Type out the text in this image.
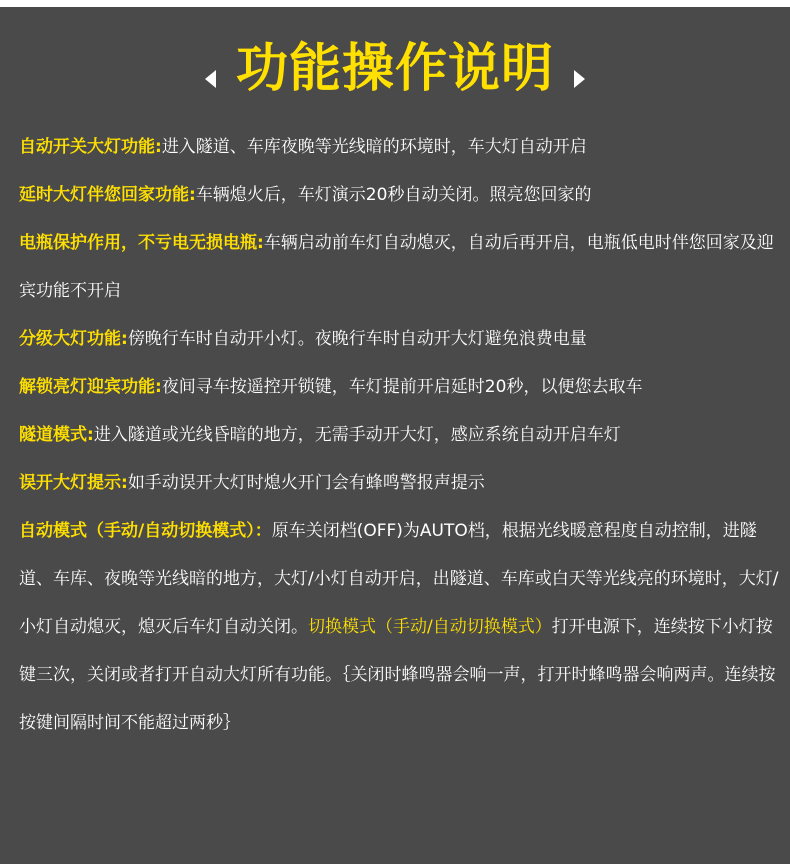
功能操作说明

自动开关大灯功能:进入隧道、车库夜晚等光线暗的环境时，车大灯自动开启

延时大灯伴您回家功能:车辆熄火后，车灯演示20秒自动关闭。照亮您回家的

电瓶保护作用，不亏电无损电瓶:车辆启动前车灯自动熄灭，自动后再开启，电瓶低电时伴您回家及迎宾功能不开启

分级大灯功能:傍晚行车时自动开小灯。夜晚行车时自动开大灯避免浪费电量

解锁亮灯迎宾功能:夜间寻车按遥控开锁键，车灯提前开启延时20秒，以便您去取车

隧道模式:进入隧道或光线昏暗的地方，无需手动开大灯，感应系统自动开启车灯

误开大灯提示:如手动误开大灯时熄火开门会有蜂鸣警报声提示

自动模式（手动/自动切换模式）：原车关闭档(OFF)为AUTO档，根据光线暖意程度自动控制，进隧道、车库、夜晚等光线暗的地方，大灯/小灯自动开启，出隧道、车库或白天等光线亮的环境时，大灯/小灯自动熄灭，熄灭后车灯自动关闭。切换模式（手动/自动切换模式）打开电源下，连续按下小灯按键三次，关闭或者打开自动大灯所有功能。｛关闭时蜂鸣器会响一声，打开时蜂鸣器会响两声。连续按按键间隔时间不能超过两秒｝
